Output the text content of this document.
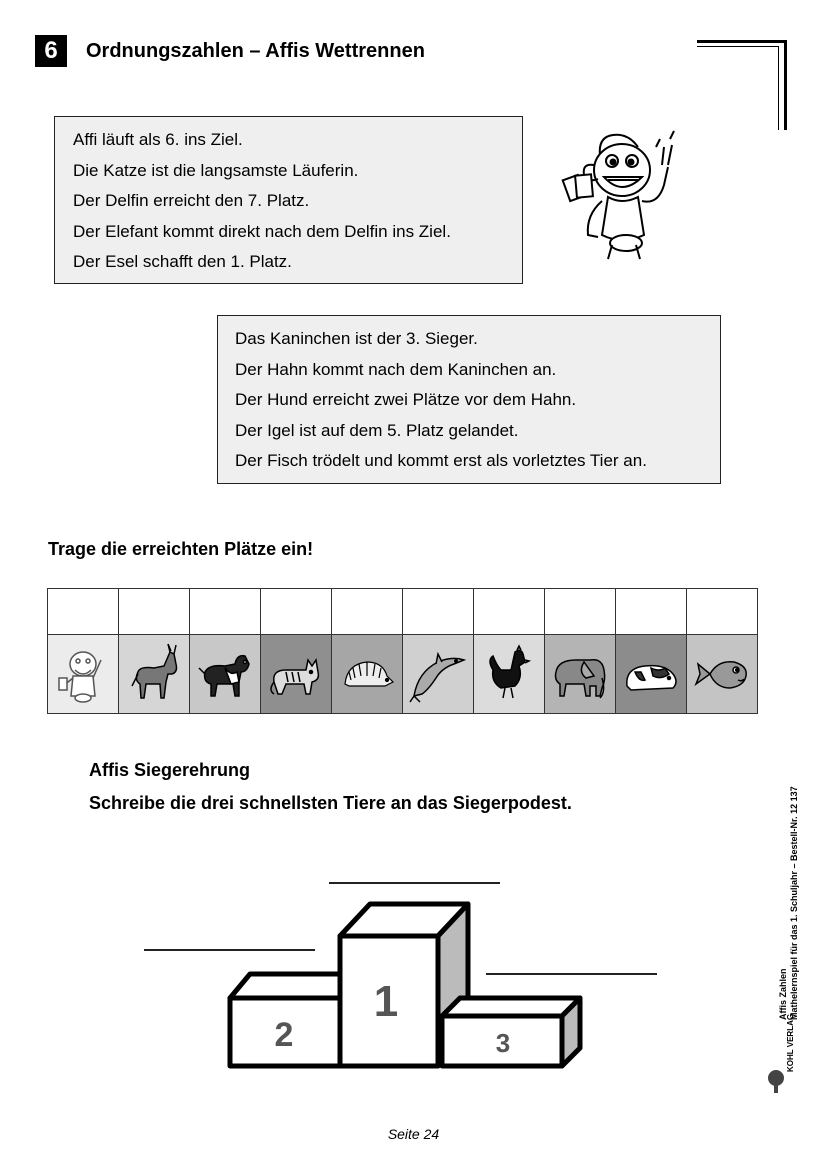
6	Ordnungszahlen – Affis Wettrennen

Affi läuft als 6. ins Ziel.

Die Katze ist die langsamste Läuferin.

Der Delfin erreicht den 7. Platz.

Der Elefant kommt direkt nach dem Delfin ins Ziel.

Der Esel schafft den 1. Platz.

Das Kaninchen ist der 3. Sieger.

Der Hahn kommt nach dem Kaninchen an.

Der Hund erreicht zwei Plätze vor dem Hahn.

Der Igel ist auf dem 5. Platz gelandet.

Der Fisch trödelt und kommt erst als vorletztes Tier an.

Trage die erreichten Plätze ein!

Affis Siegerehrung
Schreibe die drei schnellsten Tiere an das Siegerpodest.
2
1
3
Affis Zahlen Mathelernspiel für das 1. Schuljahr – Bestell-Nr. 12 137
KOHL VERLAG
Seite 24
